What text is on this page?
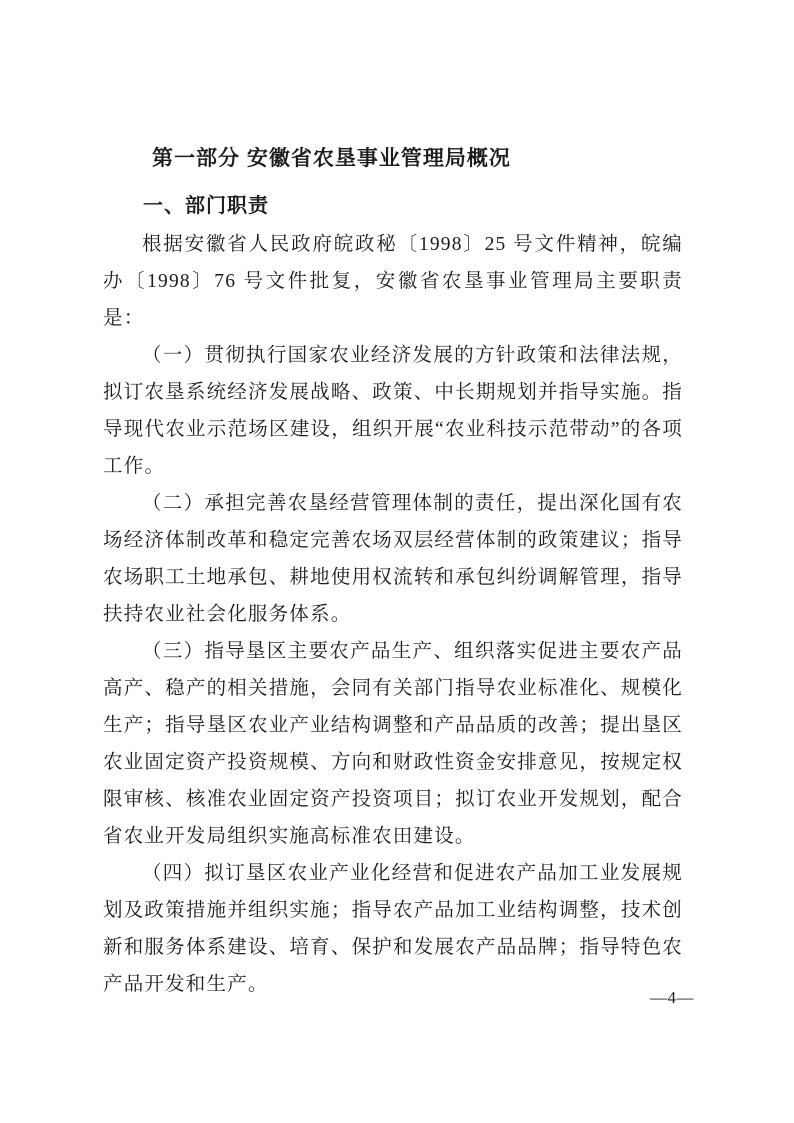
第一部分 安徽省农垦事业管理局概况
一、部门职责

根据安徽省人民政府皖政秘〔1998〕25 号文件精神，皖编办〔1998〕76 号文件批复，安徽省农垦事业管理局主要职责是：

（一）贯彻执行国家农业经济发展的方针政策和法律法规，拟订农垦系统经济发展战略、政策、中长期规划并指导实施。指导现代农业示范场区建设，组织开展“农业科技示范带动”的各项工作。

（二）承担完善农垦经营管理体制的责任，提出深化国有农场经济体制改革和稳定完善农场双层经营体制的政策建议；指导农场职工土地承包、耕地使用权流转和承包纠纷调解管理，指导扶持农业社会化服务体系。

（三）指导垦区主要农产品生产、组织落实促进主要农产品高产、稳产的相关措施，会同有关部门指导农业标准化、规模化生产；指导垦区农业产业结构调整和产品品质的改善；提出垦区农业固定资产投资规模、方向和财政性资金安排意见，按规定权限审核、核准农业固定资产投资项目；拟订农业开发规划，配合省农业开发局组织实施高标准农田建设。

（四）拟订垦区农业产业化经营和促进农产品加工业发展规划及政策措施并组织实施；指导农产品加工业结构调整，技术创新和服务体系建设、培育、保护和发展农产品品牌；指导特色农产品开发和生产。

—4—
